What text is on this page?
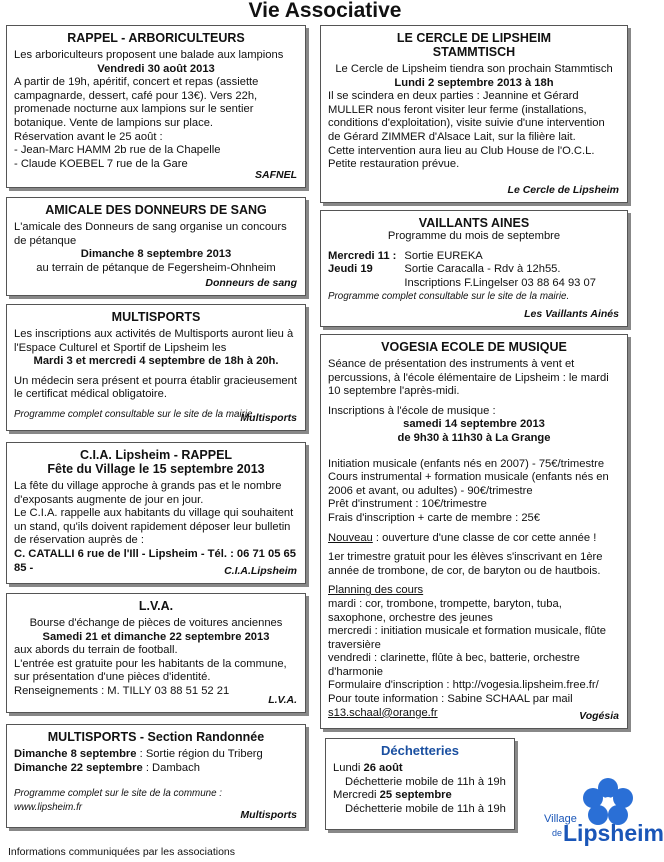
Vie Associative
RAPPEL - ARBORICULTEURS

Les arboriculteurs proposent une balade aux lampions

Vendredi 30 août 2013

A partir de 19h, apéritif, concert et repas (assiette campagnarde, dessert, café pour 13€). Vers 22h, promenade nocturne aux lampions sur le sentier botanique. Vente de lampions sur place.

Réservation avant le 25 août :

- Jean-Marc HAMM 2b rue de la Chapelle

- Claude KOEBEL 7 rue de la Gare

SAFNEL
AMICALE DES DONNEURS DE SANG

L'amicale des Donneurs de sang organise un concours de pétanque

Dimanche 8 septembre 2013

au terrain de pétanque de Fegersheim-Ohnheim

Donneurs de sang
MULTISPORTS

Les inscriptions aux activités de Multisports auront lieu à l'Espace Culturel et Sportif de Lipsheim les

Mardi 3 et mercredi 4 septembre de 18h à 20h.

Un médecin sera présent et pourra établir gracieusement le certificat médical obligatoire.

Programme complet consultable sur le site de la mairie.

Multisports
C.I.A. Lipsheim - RAPPEL
Fête du Village le 15 septembre 2013

La fête du village approche à grands pas et le nombre d'exposants augmente de jour en jour.

Le C.I.A. rappelle aux habitants du village qui souhaitent un stand, qu'ils doivent rapidement déposer leur bulletin de réservation auprès de :

C. CATALLI 6 rue de l'Ill - Lipsheim - Tél. : 06 71 05 65 85 -	C.I.A.Lipsheim
L.V.A.

Bourse d'échange de pièces de voitures anciennes

Samedi 21 et dimanche 22 septembre 2013

aux abords du terrain de football.

L'entrée est gratuite pour les habitants de la commune, sur présentation d'une pièces d'identité.

Renseignements : M. TILLY 03 88 51 52 21

L.V.A.
MULTISPORTS - Section Randonnée

Dimanche 8 septembre : Sortie région du Triberg

Dimanche 22 septembre : Dambach

Programme complet sur le site de la commune : www.lipsheim.fr

Multisports
LE CERCLE DE LIPSHEIM STAMMTISCH

Le Cercle de Lipsheim tiendra son prochain Stammtisch

Lundi 2 septembre 2013 à 18h

Il se scindera en deux parties : Jeannine et Gérard MULLER nous feront visiter leur ferme (installations, conditions d'exploitation), visite suivie d'une intervention de Gérard ZIMMER d'Alsace Lait, sur la filière lait.

Cette intervention aura lieu au Club House de l'O.C.L. Petite restauration prévue.

Le Cercle de Lipsheim
VAILLANTS AINES

Programme du mois de septembre

Mercredi 11 :	Sortie EUREKA
Jeudi 19	Sortie Caracalla - Rdv à 12h55.
	Inscriptions F.Lingelser 03 88 64 93 07

Programme complet consultable sur le site de la mairie.

Les Vaillants Ainés
VOGESIA ECOLE DE MUSIQUE

Séance de présentation des instruments à vent et percussions, à l'école élémentaire de Lipsheim : le mardi 10 septembre l'après-midi.

Inscriptions à l'école de musique :

samedi 14 septembre 2013

de 9h30 à 11h30 à La Grange

Initiation musicale (enfants nés en 2007) - 75€/trimestre

Cours instrumental + formation musicale (enfants nés en 2006 et avant, ou adultes) - 90€/trimestre

Prêt d'instrument : 10€/trimestre

Frais d'inscription + carte de membre : 25€

Nouveau : ouverture d'une classe de cor cette année !

1er trimestre gratuit pour les élèves s'inscrivant en 1ère année de trombone, de cor, de baryton ou de hautbois.

Planning des cours

mardi : cor, trombone, trompette, baryton, tuba, saxophone, orchestre des jeunes

mercredi : initiation musicale et formation musicale, flûte traversière

vendredi : clarinette, flûte à bec, batterie, orchestre d'harmonie

Formulaire d'inscription : http://vogesia.lipsheim.free.fr/

Pour toute information : Sabine SCHAAL par mail

s13.schaal@orange.fr	Vogésia
Déchetteries

Lundi 26 août

Déchetterie mobile de 11h à 19h

Mercredi 25 septembre

Déchetterie mobile de 11h à 19h

Village
de Lipsheim
Informations communiquées par les associations
